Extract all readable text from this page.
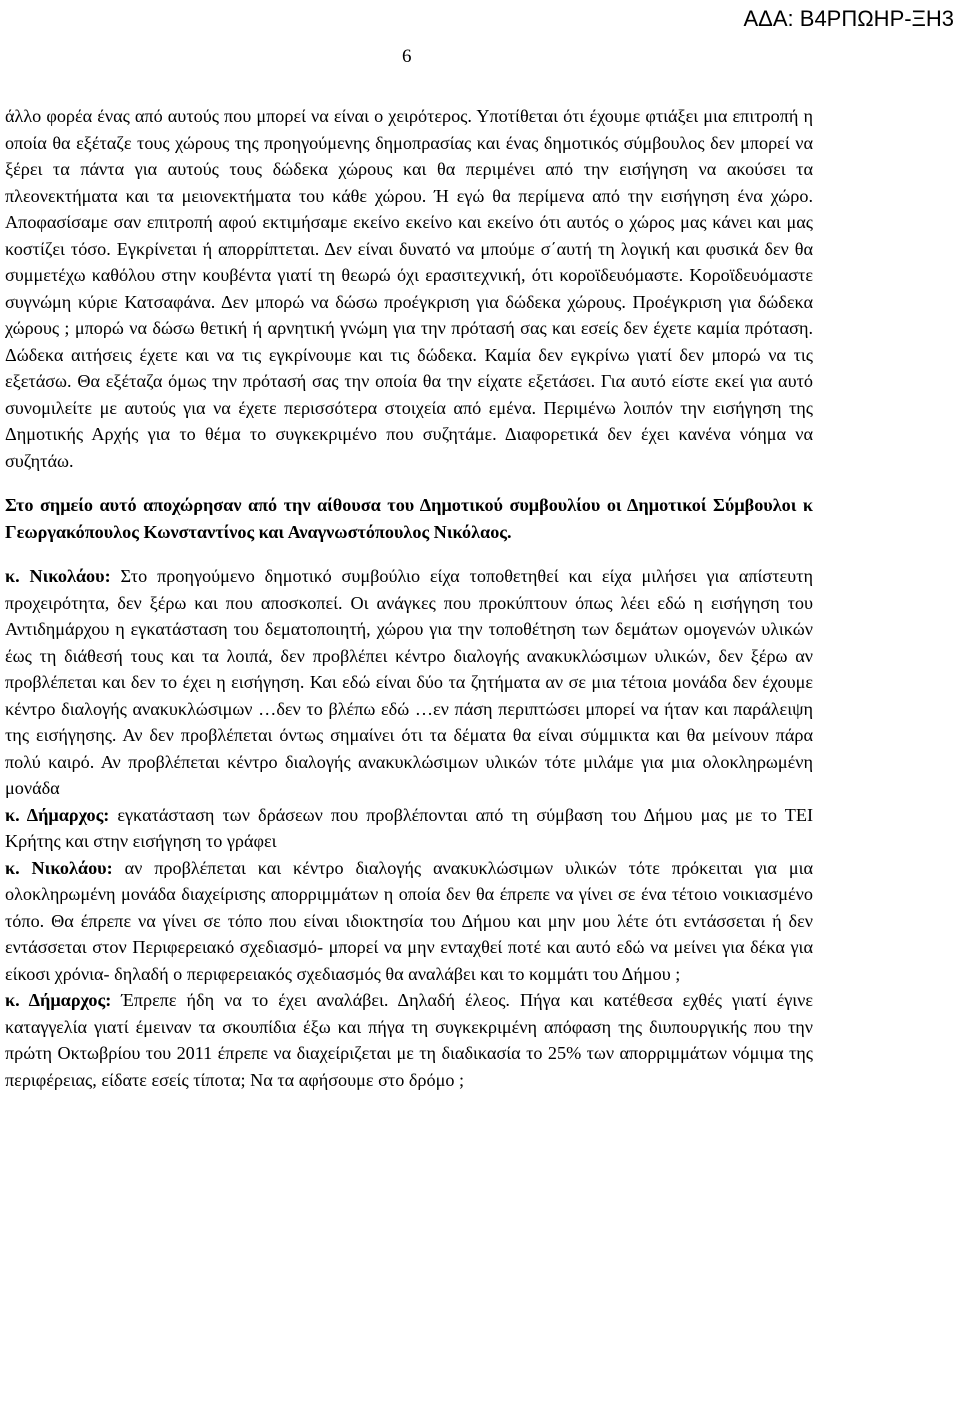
ΑΔΑ: Β4ΡΠΩΗΡ-ΞΗ3
6

άλλο φορέα ένας από αυτούς που μπορεί να είναι ο χειρότερος. Υποτίθεται ότι έχουμε φτιάξει μια επιτροπή η οποία θα εξέταζε τους χώρους της προηγούμενης δημοπρασίας και ένας δημοτικός σύμβουλος δεν μπορεί να ξέρει τα πάντα για αυτούς τους δώδεκα χώρους και θα περιμένει από την εισήγηση να ακούσει τα πλεονεκτήματα και τα μειονεκτήματα του κάθε χώρου. Ή εγώ θα περίμενα από την εισήγηση ένα χώρο. Αποφασίσαμε σαν επιτροπή αφού εκτιμήσαμε εκείνο εκείνο και εκείνο ότι αυτός ο χώρος μας κάνει και μας κοστίζει τόσο. Εγκρίνεται ή απορρίπτεται. Δεν είναι δυνατό να μπούμε σ΄αυτή τη λογική και φυσικά δεν θα συμμετέχω καθόλου στην κουβέντα γιατί τη θεωρώ όχι ερασιτεχνική, ότι κοροϊδευόμαστε. Κοροϊδευόμαστε συγνώμη κύριε Κατσαφάνα. Δεν μπορώ να δώσω προέγκριση για δώδεκα χώρους. Προέγκριση για δώδεκα χώρους ; μπορώ να δώσω θετική ή αρνητική γνώμη για την πρότασή σας και εσείς δεν έχετε καμία πρόταση. Δώδεκα αιτήσεις έχετε και να τις εγκρίνουμε και τις δώδεκα. Καμία δεν εγκρίνω γιατί δεν μπορώ να τις εξετάσω. Θα εξέταζα όμως την πρότασή σας την οποία θα την είχατε εξετάσει. Για αυτό είστε εκεί για αυτό συνομιλείτε με αυτούς για να έχετε περισσότερα στοιχεία από εμένα. Περιμένω λοιπόν την εισήγηση της Δημοτικής Αρχής για το θέμα το συγκεκριμένο που συζητάμε. Διαφορετικά δεν έχει κανένα νόημα να συζητάω.

Στο σημείο αυτό αποχώρησαν από την αίθουσα του Δημοτικού συμβουλίου οι Δημοτικοί Σύμβουλοι κ Γεωργακόπουλος Κωνσταντίνος και Αναγνωστόπουλος Νικόλαος.

κ. Νικολάου: Στο προηγούμενο δημοτικό συμβούλιο είχα τοποθετηθεί και είχα μιλήσει για απίστευτη προχειρότητα, δεν ξέρω και που αποσκοπεί. Οι ανάγκες που προκύπτουν όπως λέει εδώ η εισήγηση του Αντιδημάρχου η εγκατάσταση του δεματοποιητή, χώρου για την τοποθέτηση των δεμάτων ομογενών υλικών έως τη διάθεσή τους και τα λοιπά, δεν προβλέπει κέντρο διαλογής ανακυκλώσιμων υλικών, δεν ξέρω αν προβλέπεται και δεν το έχει η εισήγηση. Και εδώ είναι δύο τα ζητήματα αν σε μια τέτοια μονάδα δεν έχουμε κέντρο διαλογής ανακυκλώσιμων …δεν το βλέπω εδώ …εν πάση περιπτώσει μπορεί να ήταν και παράλειψη της εισήγησης. Αν δεν προβλέπεται όντως σημαίνει ότι τα δέματα θα είναι σύμμικτα και θα μείνουν πάρα πολύ καιρό. Αν προβλέπεται κέντρο διαλογής ανακυκλώσιμων υλικών τότε μιλάμε για μια ολοκληρωμένη μονάδα

κ. Δήμαρχος: εγκατάσταση των δράσεων που προβλέπονται από τη σύμβαση του Δήμου μας με το ΤΕΙ Κρήτης και στην εισήγηση το γράφει

κ. Νικολάου: αν προβλέπεται και κέντρο διαλογής ανακυκλώσιμων υλικών τότε πρόκειται για μια ολοκληρωμένη μονάδα διαχείρισης απορριμμάτων η οποία δεν θα έπρεπε να γίνει σε ένα τέτοιο νοικιασμένο τόπο. Θα έπρεπε να γίνει σε τόπο που είναι ιδιοκτησία του Δήμου και μην μου λέτε ότι εντάσσεται ή δεν εντάσσεται στον Περιφερειακό σχεδιασμό- μπορεί να μην ενταχθεί ποτέ και αυτό εδώ να μείνει για δέκα για είκοσι χρόνια- δηλαδή ο περιφερειακός σχεδιασμός θα αναλάβει και το κομμάτι του Δήμου ;

κ. Δήμαρχος: Έπρεπε ήδη να το έχει αναλάβει. Δηλαδή έλεος. Πήγα και κατέθεσα εχθές γιατί έγινε καταγγελία γιατί έμειναν τα σκουπίδια έξω και πήγα τη συγκεκριμένη απόφαση της διυπουργικής που την πρώτη Οκτωβρίου του 2011 έπρεπε να διαχείριζεται με τη διαδικασία το 25% των απορριμμάτων νόμιμα της περιφέρειας, είδατε εσείς τίποτα; Να τα αφήσουμε στο δρόμο ;
